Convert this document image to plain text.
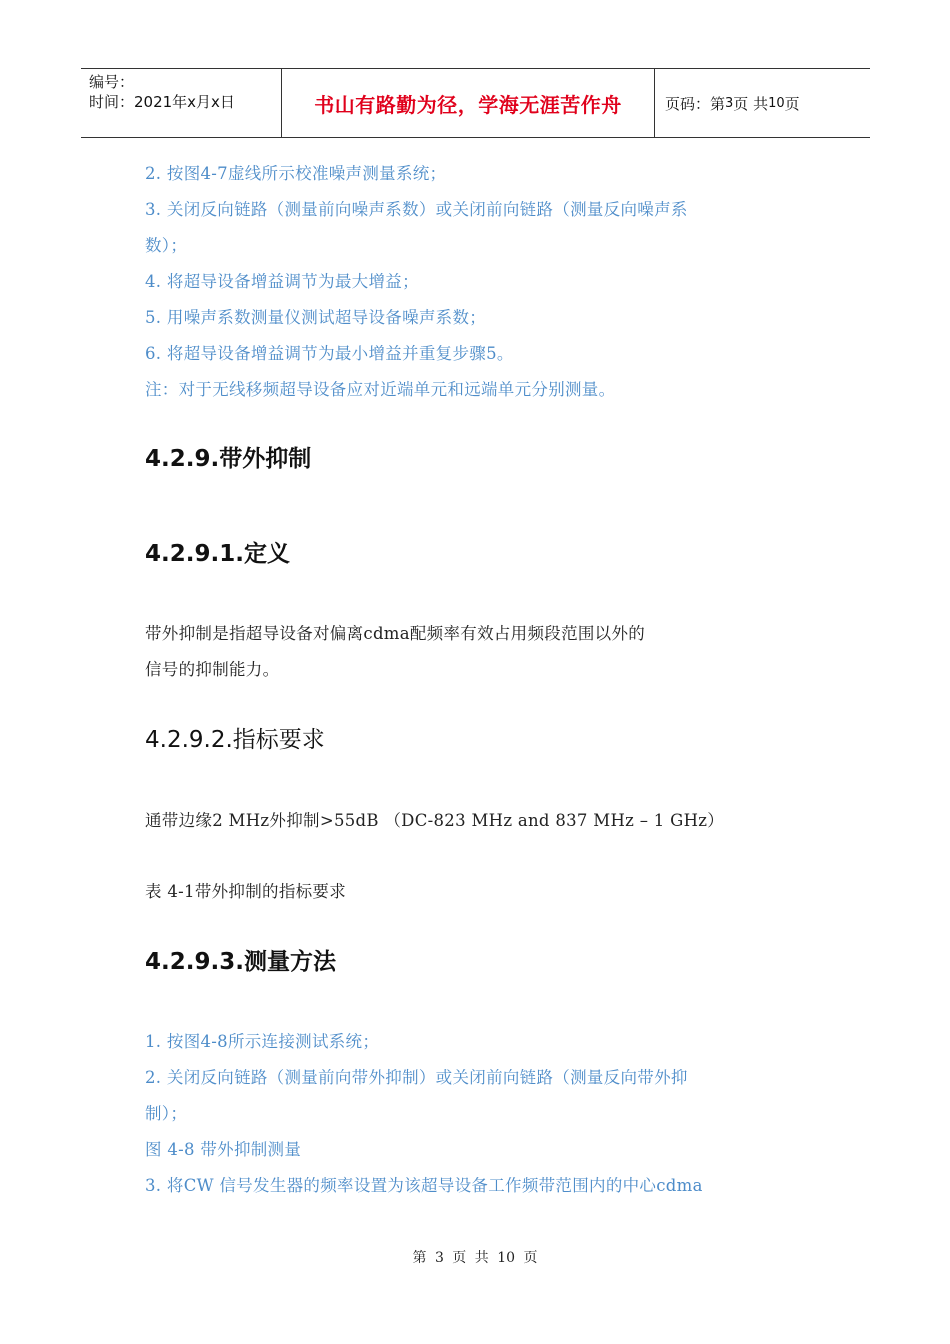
编号：
时间：2021年x月x日	书山有路勤为径，学海无涯苦作舟	页码：第 3 页 共 10 页
2. 按图4-7虚线所示校准噪声测量系统；
3. 关闭反向链路（测量前向噪声系数）或关闭前向链路（测量反向噪声系
数）；
4. 将超导设备增益调节为最大增益；
5. 用噪声系数测量仪测试超导设备噪声系数；
6. 将超导设备增益调节为最小增益并重复步骤5。
注：对于无线移频超导设备应对近端单元和远端单元分别测量。
4.2.9.带外抑制
4.2.9.1.定义
带外抑制是指超导设备对偏离cdma配频率有效占用频段范围以外的
信号的抑制能力。
4.2.9.2.指标要求
通带边缘2 MHz外抑制>55dB （DC-823 MHz and 837 MHz – 1 GHz）
表 4-1带外抑制的指标要求
4.2.9.3.测量方法
1. 按图4-8所示连接测试系统；
2. 关闭反向链路（测量前向带外抑制）或关闭前向链路（测量反向带外抑
制）；
图 4-8 带外抑制测量
3. 将CW 信号发生器的频率设置为该超导设备工作频带范围内的中心cdma
第 3 页 共 10 页
